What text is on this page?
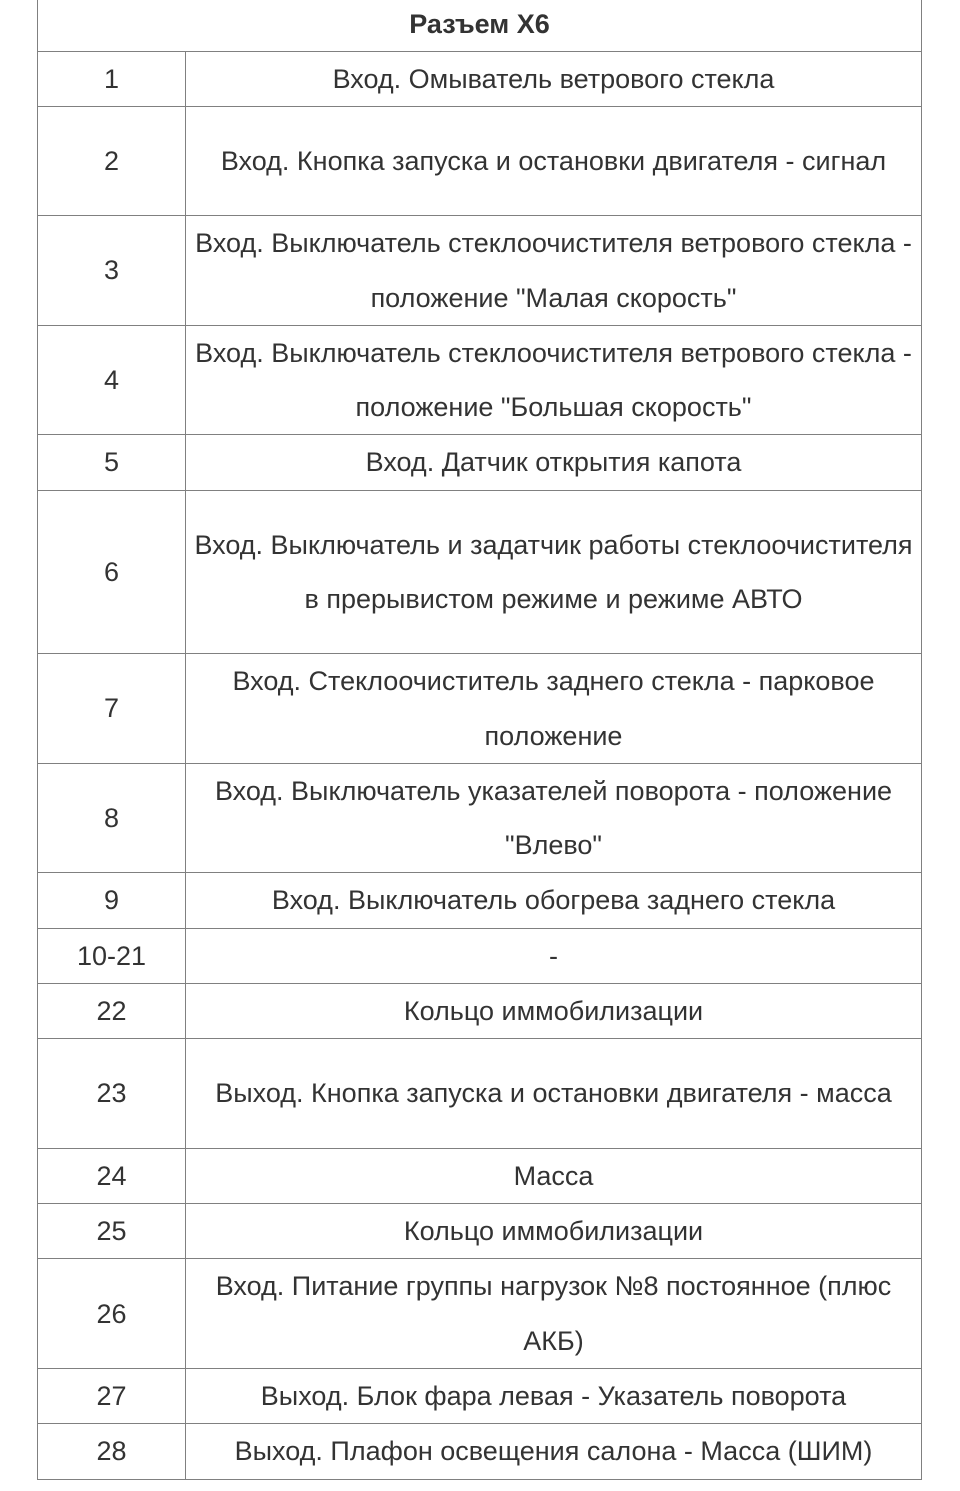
Разъем X6	
1	Вход. Омыватель ветрового стекла
2	Вход. Кнопка запуска и остановки двигателя - сигнал
3	Вход. Выключатель стеклоочистителя ветрового стекла - положение "Малая скорость"
4	Вход. Выключатель стеклоочистителя ветрового стекла - положение "Большая скорость"
5	Вход. Датчик открытия капота
6	Вход. Выключатель и задатчик работы стеклоочистителя в прерывистом режиме и режиме АВТО
7	Вход. Стеклоочиститель заднего стекла - парковое положение
8	Вход. Выключатель указателей поворота - положение "Влево"
9	Вход. Выключатель обогрева заднего стекла
10-21	-
22	Кольцо иммобилизации
23	Выход. Кнопка запуска и остановки двигателя - масса
24	Масса
25	Кольцо иммобилизации
26	Вход. Питание группы нагрузок №8 постоянное (плюс АКБ)
27	Выход. Блок фара левая - Указатель поворота
28	Выход. Плафон освещения салона - Масса (ШИМ)
